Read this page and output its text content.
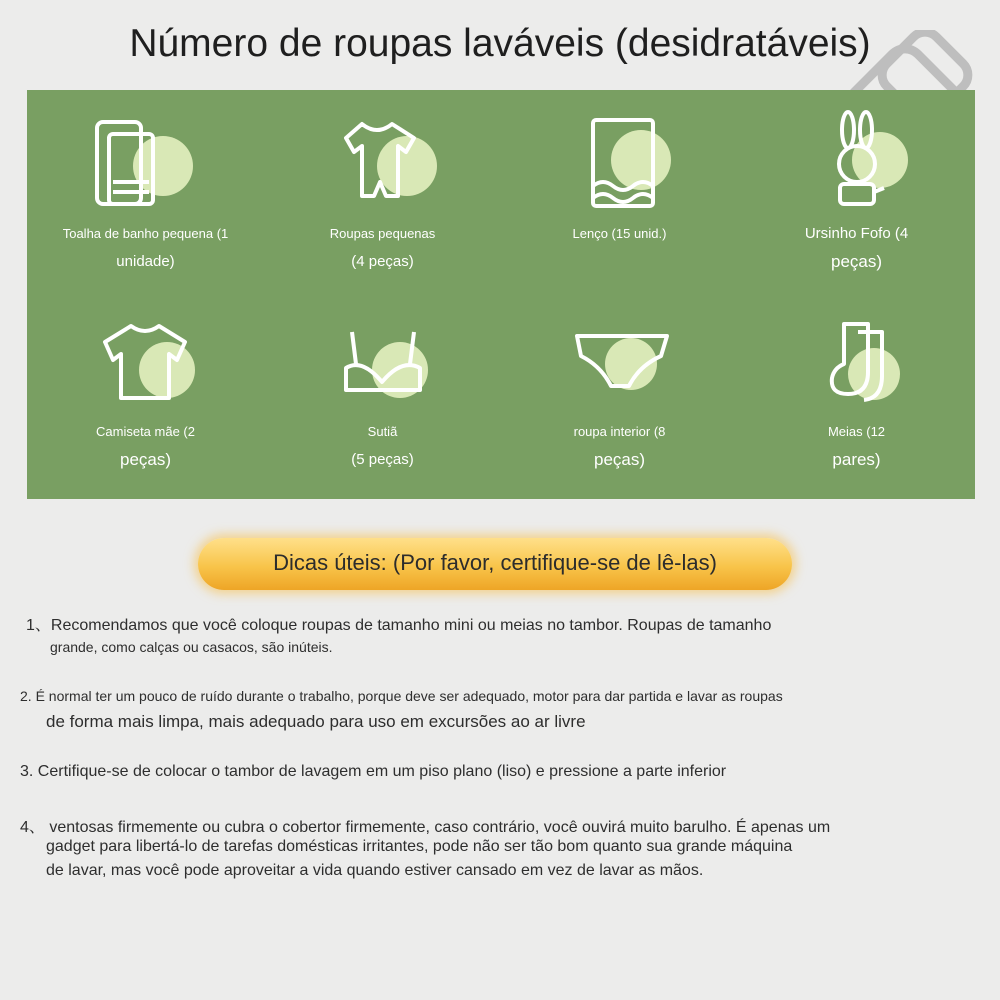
Número de roupas laváveis (desidratáveis)
Toalha de banho pequena (1
unidade)
Roupas pequenas
(4 peças)
Lenço (15 unid.)	Ursinho Fofo (4
peças)
Camiseta mãe (2
peças)
Sutiã
(5 peças)
roupa interior (8
peças)
Meias (12
pares)
Dicas úteis: (Por favor, certifique-se de lê-las)
1、Recomendamos que você coloque roupas de tamanho mini ou meias no tambor. Roupas de tamanho
grande, como calças ou casacos, são inúteis.
2. É normal ter um pouco de ruído durante o trabalho, porque deve ser adequado, motor para dar partida e lavar as roupas
de forma mais limpa, mais adequado para uso em excursões ao ar livre
3. Certifique-se de colocar o tambor de lavagem em um piso plano (liso) e pressione a parte inferior
4、 ventosas firmemente ou cubra o cobertor firmemente, caso contrário, você ouvirá muito barulho. É apenas um
gadget para libertá-lo de tarefas domésticas irritantes, pode não ser tão bom quanto sua grande máquina
de lavar, mas você pode aproveitar a vida quando estiver cansado em vez de lavar as mãos.
